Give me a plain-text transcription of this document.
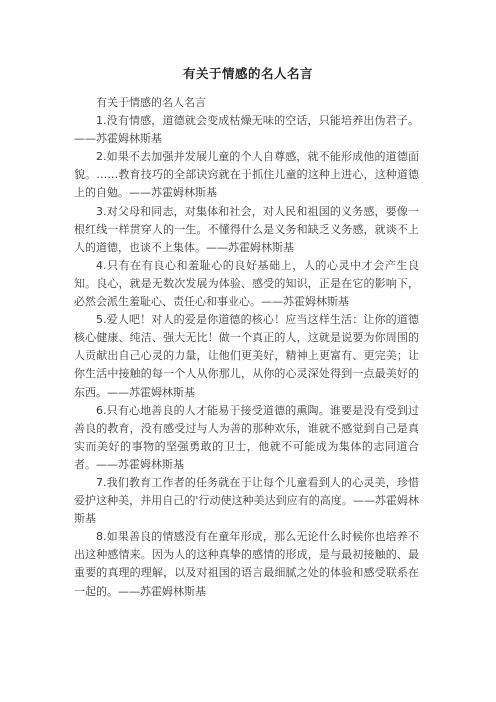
有关于情感的名人名言

有关于情感的名人名言

1.没有情感，道德就会变成枯燥无味的空话，只能培养出伪君子。——苏霍姆林斯基

2.如果不去加强并发展儿童的个人自尊感，就不能形成他的道德面貌。……教育技巧的全部诀窍就在于抓住儿童的这种上进心，这种道德上的自勉。——苏霍姆林斯基

3.对父母和同志，对集体和社会，对人民和祖国的义务感，要像一根红线一样贯穿人的一生。不懂得什么是义务和缺乏义务感，就谈不上人的道德，也谈不上集体。——苏霍姆林斯基

4.只有在有良心和羞耻心的良好基础上，人的心灵中才会产生良知。良心，就是无数次发展为体验、感受的知识，正是在它的影响下，必然会派生羞耻心、责任心和事业心。——苏霍姆林斯基

5.爱人吧！对人的爱是你道德的核心！应当这样生活：让你的道德核心健康、纯洁、强大无比！做一个真正的人，这就是说要为你周围的人贡献出自己心灵的力量，让他们更美好，精神上更富有、更完美；让你生活中接触的每一个人从你那儿，从你的心灵深处得到一点最美好的东西。——苏霍姆林斯基

6.只有心地善良的人才能易于接受道德的熏陶。谁要是没有受到过善良的教育，没有感受过与人为善的那种欢乐，谁就不感觉到自己是真实而美好的事物的坚强勇敢的卫士，他就不可能成为集体的志同道合者。——苏霍姆林斯基

7.我们教育工作者的任务就在于让每个儿童看到人的心灵美，珍惜爱护这种美，并用自己的'行动使这种美达到应有的高度。——苏霍姆林斯基

8.如果善良的情感没有在童年形成，那么无论什么时候你也培养不出这种感情来。因为人的这种真挚的感情的形成，是与最初接触的、最重要的真理的理解，以及对祖国的语言最细腻之处的体验和感受联系在一起的。——苏霍姆林斯基
